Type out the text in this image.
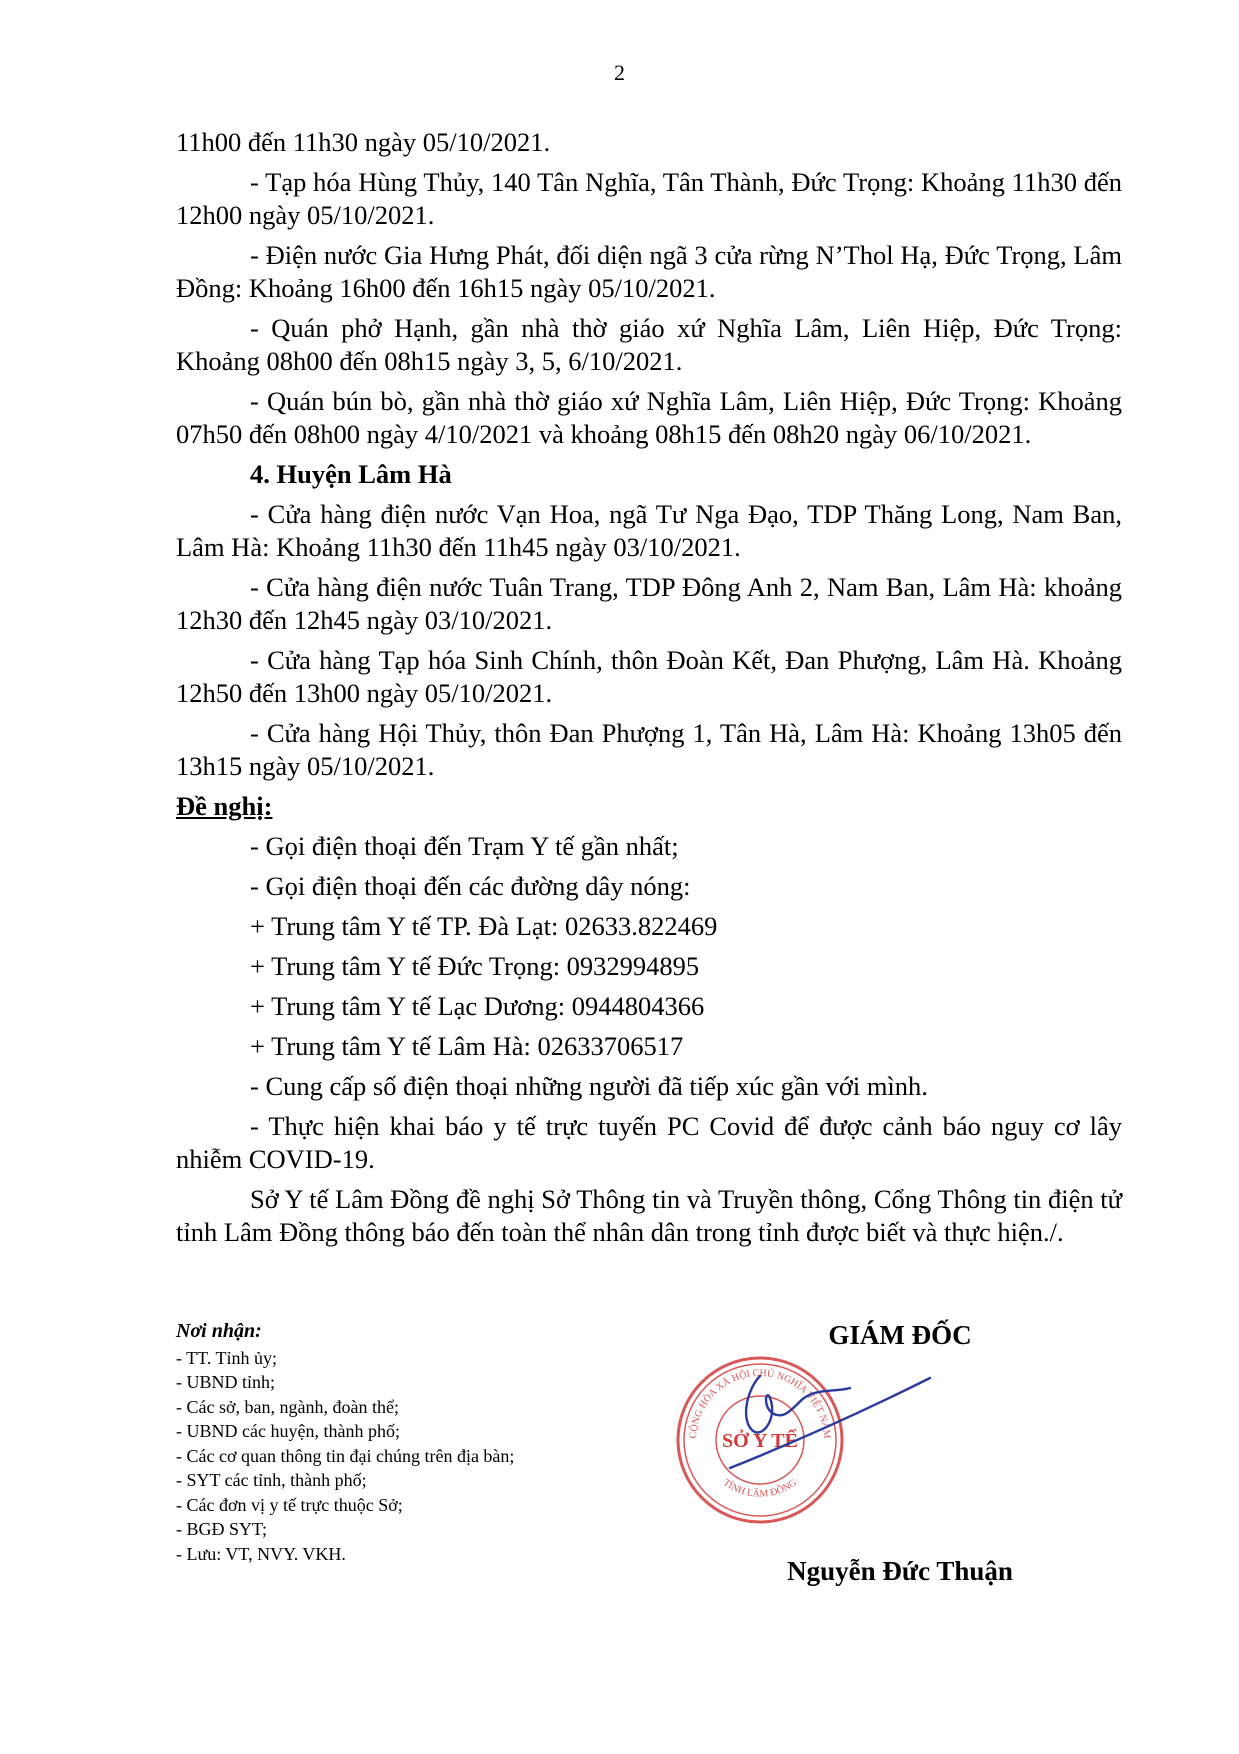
2

11h00 đến 11h30 ngày 05/10/2021.

- Tạp hóa Hùng Thủy, 140 Tân Nghĩa, Tân Thành, Đức Trọng: Khoảng 11h30 đến 12h00 ngày 05/10/2021.

- Điện nước Gia Hưng Phát, đối diện ngã 3 cửa rừng N’Thol Hạ, Đức Trọng, Lâm Đồng: Khoảng 16h00 đến 16h15 ngày 05/10/2021.

- Quán phở Hạnh, gần nhà thờ giáo xứ Nghĩa Lâm, Liên Hiệp, Đức Trọng: Khoảng 08h00 đến 08h15 ngày 3, 5, 6/10/2021.

- Quán bún bò, gần nhà thờ giáo xứ Nghĩa Lâm, Liên Hiệp, Đức Trọng: Khoảng 07h50 đến 08h00 ngày 4/10/2021 và khoảng 08h15 đến 08h20 ngày 06/10/2021.

4. Huyện Lâm Hà

- Cửa hàng điện nước Vạn Hoa, ngã Tư Nga Đạo, TDP Thăng Long, Nam Ban, Lâm Hà: Khoảng 11h30 đến 11h45 ngày 03/10/2021.

- Cửa hàng điện nước Tuân Trang, TDP Đông Anh 2, Nam Ban, Lâm Hà: khoảng 12h30 đến 12h45 ngày 03/10/2021.

- Cửa hàng Tạp hóa Sinh Chính, thôn Đoàn Kết, Đan Phượng, Lâm Hà. Khoảng 12h50 đến 13h00 ngày 05/10/2021.

- Cửa hàng Hội Thủy, thôn Đan Phượng 1, Tân Hà, Lâm Hà: Khoảng 13h05 đến 13h15 ngày 05/10/2021.

Đề nghị:
- Gọi điện thoại đến Trạm Y tế gần nhất;
- Gọi điện thoại đến các đường dây nóng:
+ Trung tâm Y tế TP. Đà Lạt: 02633.822469
+ Trung tâm Y tế Đức Trọng: 0932994895
+ Trung tâm Y tế Lạc Dương: 0944804366
+ Trung tâm Y tế Lâm Hà: 02633706517
- Cung cấp số điện thoại những người đã tiếp xúc gần với mình.

- Thực hiện khai báo y tế trực tuyến PC Covid để được cảnh báo nguy cơ lây nhiễm COVID-19.

Sở Y tế Lâm Đồng đề nghị Sở Thông tin và Truyền thông, Cổng Thông tin điện tử tỉnh Lâm Đồng thông báo đến toàn thể nhân dân trong tỉnh được biết và thực hiện./.

Nơi nhận:
- TT. Tỉnh ủy;
- UBND tỉnh;
- Các sở, ban, ngành, đoàn thể;
- UBND các huyện, thành phố;
- Các cơ quan thông tin đại chúng trên địa bàn;
- SYT các tỉnh, thành phố;
- Các đơn vị y tế trực thuộc Sở;
- BGĐ SYT;
- Lưu: VT, NVY. VKH.
GIÁM ĐỐC
CỘNG HÒA XÃ HỘI CHỦ NGHĨA VIỆT NAM
TỈNH LÂM ĐỒNG
SỞ Y TẾ
Nguyễn Đức Thuận
